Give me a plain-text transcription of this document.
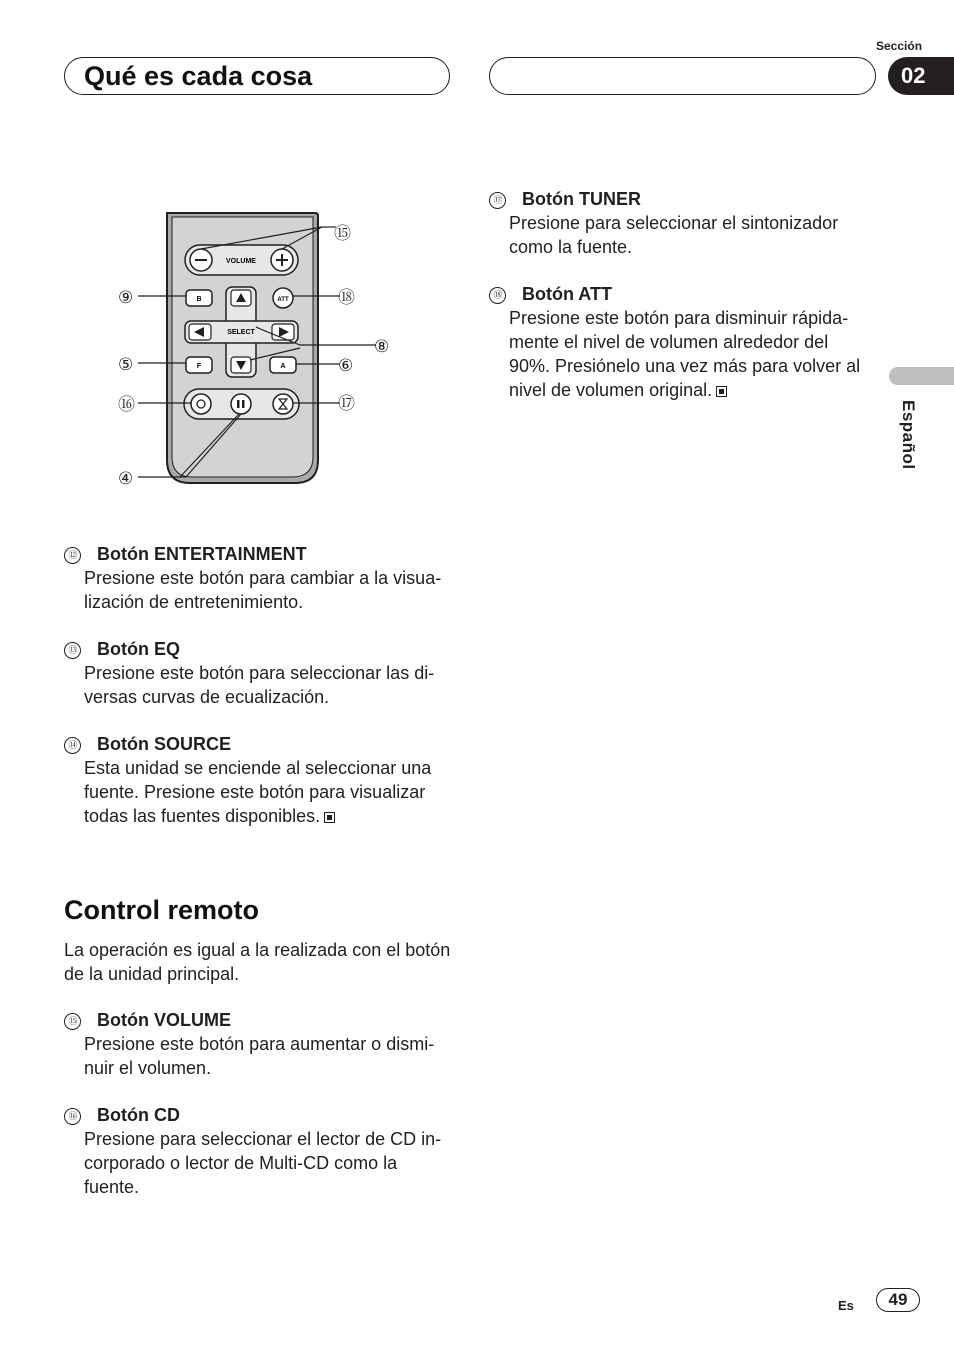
Qué es cada cosa
Sección
02
Español
VOLUME
B	ATT
SELECT
F	A
⑮
⑨	⑱
⑧
⑤	⑥
⑯	⑰
④
⑫ Botón ENTERTAINMENT
Presione este botón para cambiar a la visua-lización de entretenimiento.
⑬ Botón EQ
Presione este botón para seleccionar las di-versas curvas de ecualización.
⑭ Botón SOURCE
Esta unidad se enciende al seleccionar una fuente. Presione este botón para visualizar todas las fuentes disponibles.
Control remoto
La operación es igual a la realizada con el botón de la unidad principal.
⑮ Botón VOLUME
Presione este botón para aumentar o dismi-nuir el volumen.
⑯ Botón CD
Presione para seleccionar el lector de CD in-corporado o lector de Multi-CD como la fuente.
⑰ Botón TUNER
Presione para seleccionar el sintonizador como la fuente.
⑱ Botón ATT
Presione este botón para disminuir rápida-mente el nivel de volumen alrededor del 90%. Presiónelo una vez más para volver al nivel de volumen original.
Es	49
